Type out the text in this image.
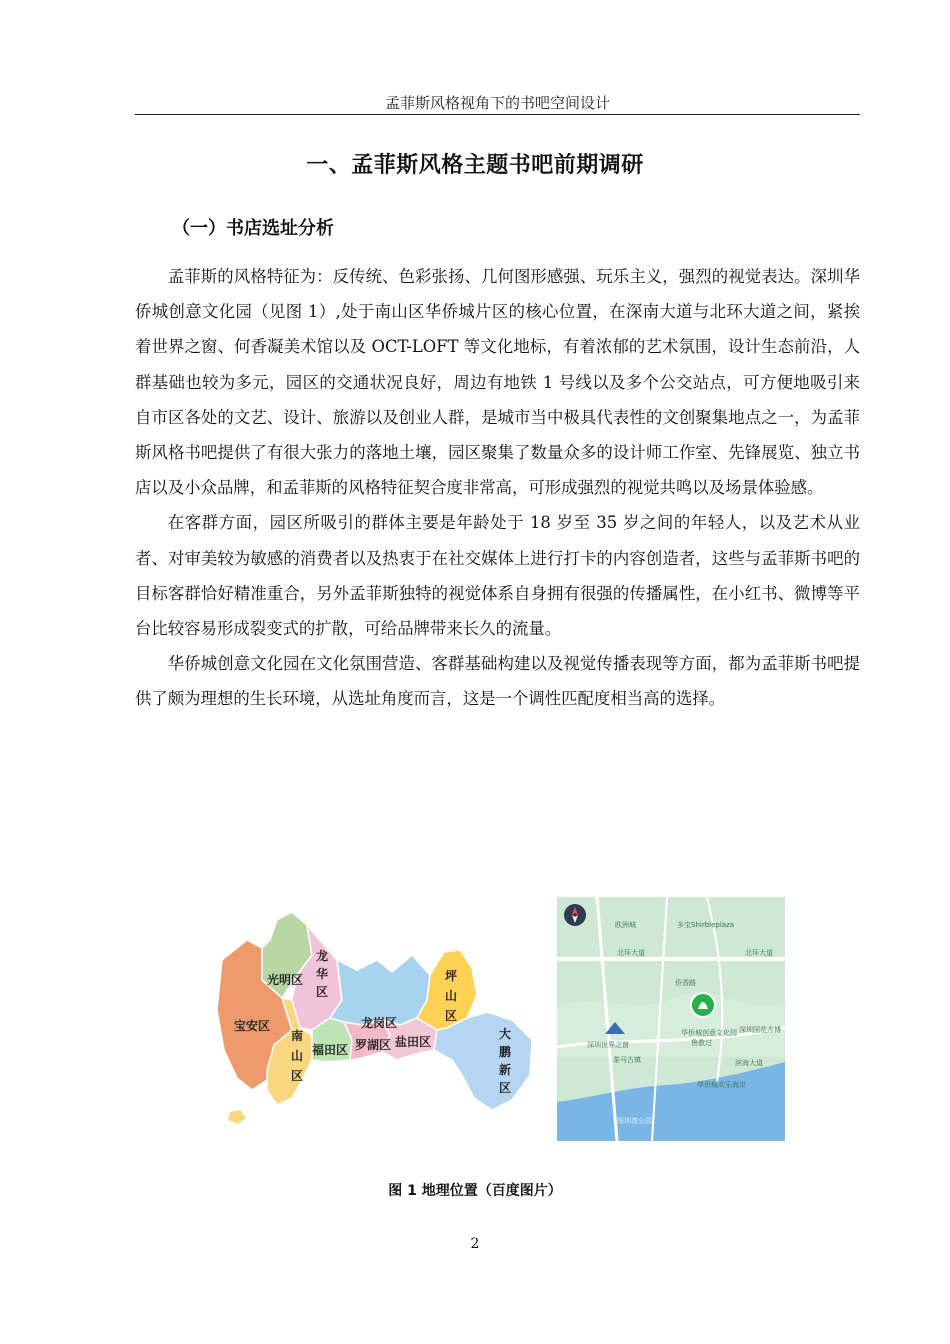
孟菲斯风格视角下的书吧空间设计
一、孟菲斯风格主题书吧前期调研
（一）书店选址分析

孟菲斯的风格特征为：反传统、色彩张扬、几何图形感强、玩乐主义，强烈的视觉表达。深圳华侨城创意文化园（见图 1）,处于南山区华侨城片区的核心位置，在深南大道与北环大道之间，紧挨着世界之窗、何香凝美术馆以及 OCT-LOFT 等文化地标，有着浓郁的艺术氛围，设计生态前沿，人群基础也较为多元，园区的交通状况良好，周边有地铁 1 号线以及多个公交站点，可方便地吸引来自市区各处的文艺、设计、旅游以及创业人群，是城市当中极具代表性的文创聚集地点之一，为孟菲斯风格书吧提供了有很大张力的落地土壤，园区聚集了数量众多的设计师工作室、先锋展览、独立书店以及小众品牌，和孟菲斯的风格特征契合度非常高，可形成强烈的视觉共鸣以及场景体验感。

在客群方面，园区所吸引的群体主要是年龄处于 18 岁至 35 岁之间的年轻人，以及艺术从业者、对审美较为敏感的消费者以及热衷于在社交媒体上进行打卡的内容创造者，这些与孟菲斯书吧的目标客群恰好精准重合，另外孟菲斯独特的视觉体系自身拥有很强的传播属性，在小红书、微博等平台比较容易形成裂变式的扩散，可给品牌带来长久的流量。

华侨城创意文化园在文化氛围营造、客群基础构建以及视觉传播表现等方面，都为孟菲斯书吧提供了颇为理想的生长环境，从选址角度而言，这是一个调性匹配度相当高的选择。

光明区
龙
华
区
宝安区
南
山
区
福田区 罗湖区 盐田区
龙岗区
坪
山
区
大
鹏
新
区
欧洲城	多宝Shirbleplaza
北环大道	北环大道
侨香路
华侨城创意文化园
鲁教过
深圳国花卉博
深圳世界之窗
茶马古镇
华侨城欢乐海岸
深圳湾公园
滨海大道
图 1 地理位置（百度图片）
2
